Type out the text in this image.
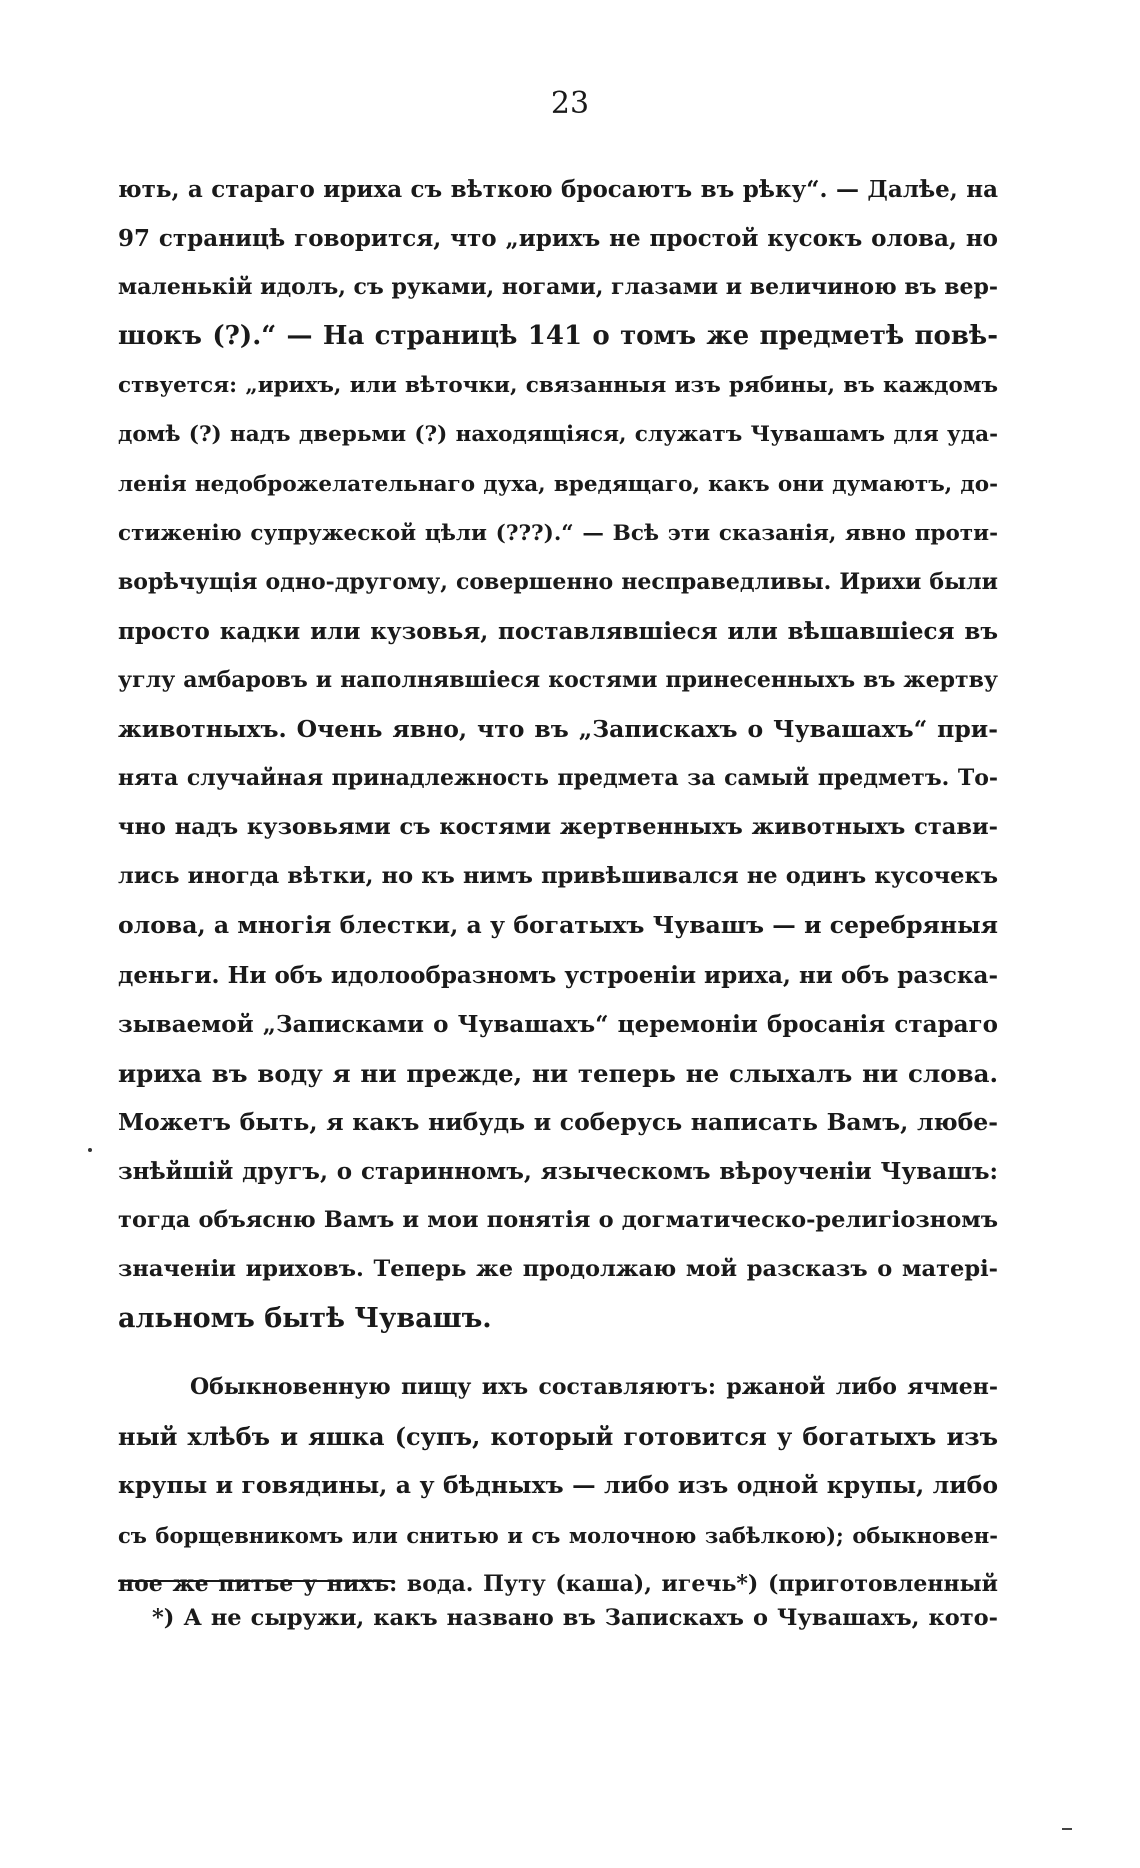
23
ють, а стараго ириха съ вѣткою бросаютъ въ рѣку“. — Далѣе, на
97 страницѣ говорится, что „ирихъ не простой кусокъ олова, но
маленькій идолъ, съ руками, ногами, глазами и величиною въ вер-
шокъ (?).“ — На страницѣ 141 о томъ же предметѣ повѣ-
ствуется: „ирихъ, или вѣточки, связанныя изъ рябины, въ каждомъ
домѣ (?) надъ дверьми (?) находящіяся, служатъ Чувашамъ для уда-
ленія недоброжелательнаго духа, вредящаго, какъ они думаютъ, до-
стиженію супружеской цѣли (???).“ — Всѣ эти сказанія, явно проти-
ворѣчущія одно-другому, совершенно несправедливы. Ирихи были
просто кадки или кузовья, поставлявшіеся или вѣшавшіеся въ
углу амбаровъ и наполнявшіеся костями принесенныхъ въ жертву
животныхъ. Очень явно, что въ „Запискахъ о Чувашахъ“ при-
нята случайная принадлежность предмета за самый предметъ. То-
чно надъ кузовьями съ костями жертвенныхъ животныхъ стави-
лись иногда вѣтки, но къ нимъ привѣшивался не одинъ кусочекъ
олова, а многія блестки, а у богатыхъ Чувашъ — и серебряныя
деньги. Ни объ идолообразномъ устроеніи ириха, ни объ разска-
зываемой „Записками о Чувашахъ“ церемоніи бросанія стараго
ириха въ воду я ни прежде, ни теперь не слыхалъ ни слова.
Можетъ быть, я какъ нибудь и соберусь написать Вамъ, любе-
знѣйшій другъ, о старинномъ, языческомъ вѣроученіи Чувашъ:
тогда объясню Вамъ и мои понятія о догматическо-религіозномъ
значеніи ириховъ. Теперь же продолжаю мой разсказъ о матері-
альномъ бытѣ Чувашъ.
Обыкновенную пищу ихъ составляютъ: ржаной либо ячмен-
ный хлѣбъ и яшка (супъ, который готовится у богатыхъ изъ
крупы и говядины, а у бѣдныхъ — либо изъ одной крупы, либо
съ борщевникомъ или снитью и съ молочною забѣлкою); обыкновен-
ное же питье у нихъ: вода. Путу (каша), игечь*) (приготовленный
*) А не сыружи, какъ названо въ Запискахъ о Чувашахъ, кото-
